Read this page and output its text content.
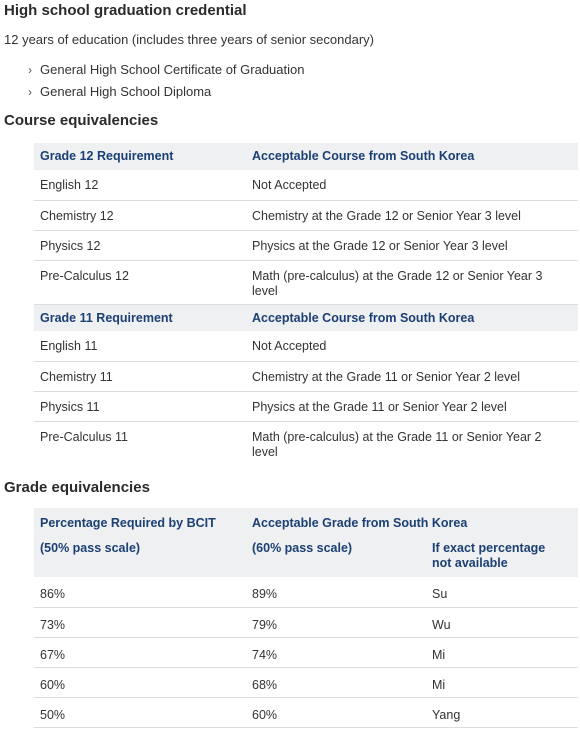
High school graduation credential
12 years of education (includes three years of senior secondary)
› General High School Certificate of Graduation
› General High School Diploma
Course equivalencies
Grade 12 Requirement	Acceptable Course from South Korea
English 12	Not Accepted
Chemistry 12	Chemistry at the Grade 12 or Senior Year 3 level
Physics 12	Physics at the Grade 12 or Senior Year 3 level
Pre-Calculus 12	Math (pre-calculus) at the Grade 12 or Senior Year 3 level
Grade 11 Requirement	Acceptable Course from South Korea
English 11	Not Accepted
Chemistry 11	Chemistry at the Grade 11 or Senior Year 2 level
Physics 11	Physics at the Grade 11 or Senior Year 2 level
Pre-Calculus 11	Math (pre-calculus) at the Grade 11 or Senior Year 2 level
Grade equivalencies
Percentage Required by BCIT	Acceptable Grade from South Korea	
(50% pass scale)	(60% pass scale)	If exact percentage not available
86%	89%	Su
73%	79%	Wu
67%	74%	Mi
60%	68%	Mi
50%	60%	Yang
